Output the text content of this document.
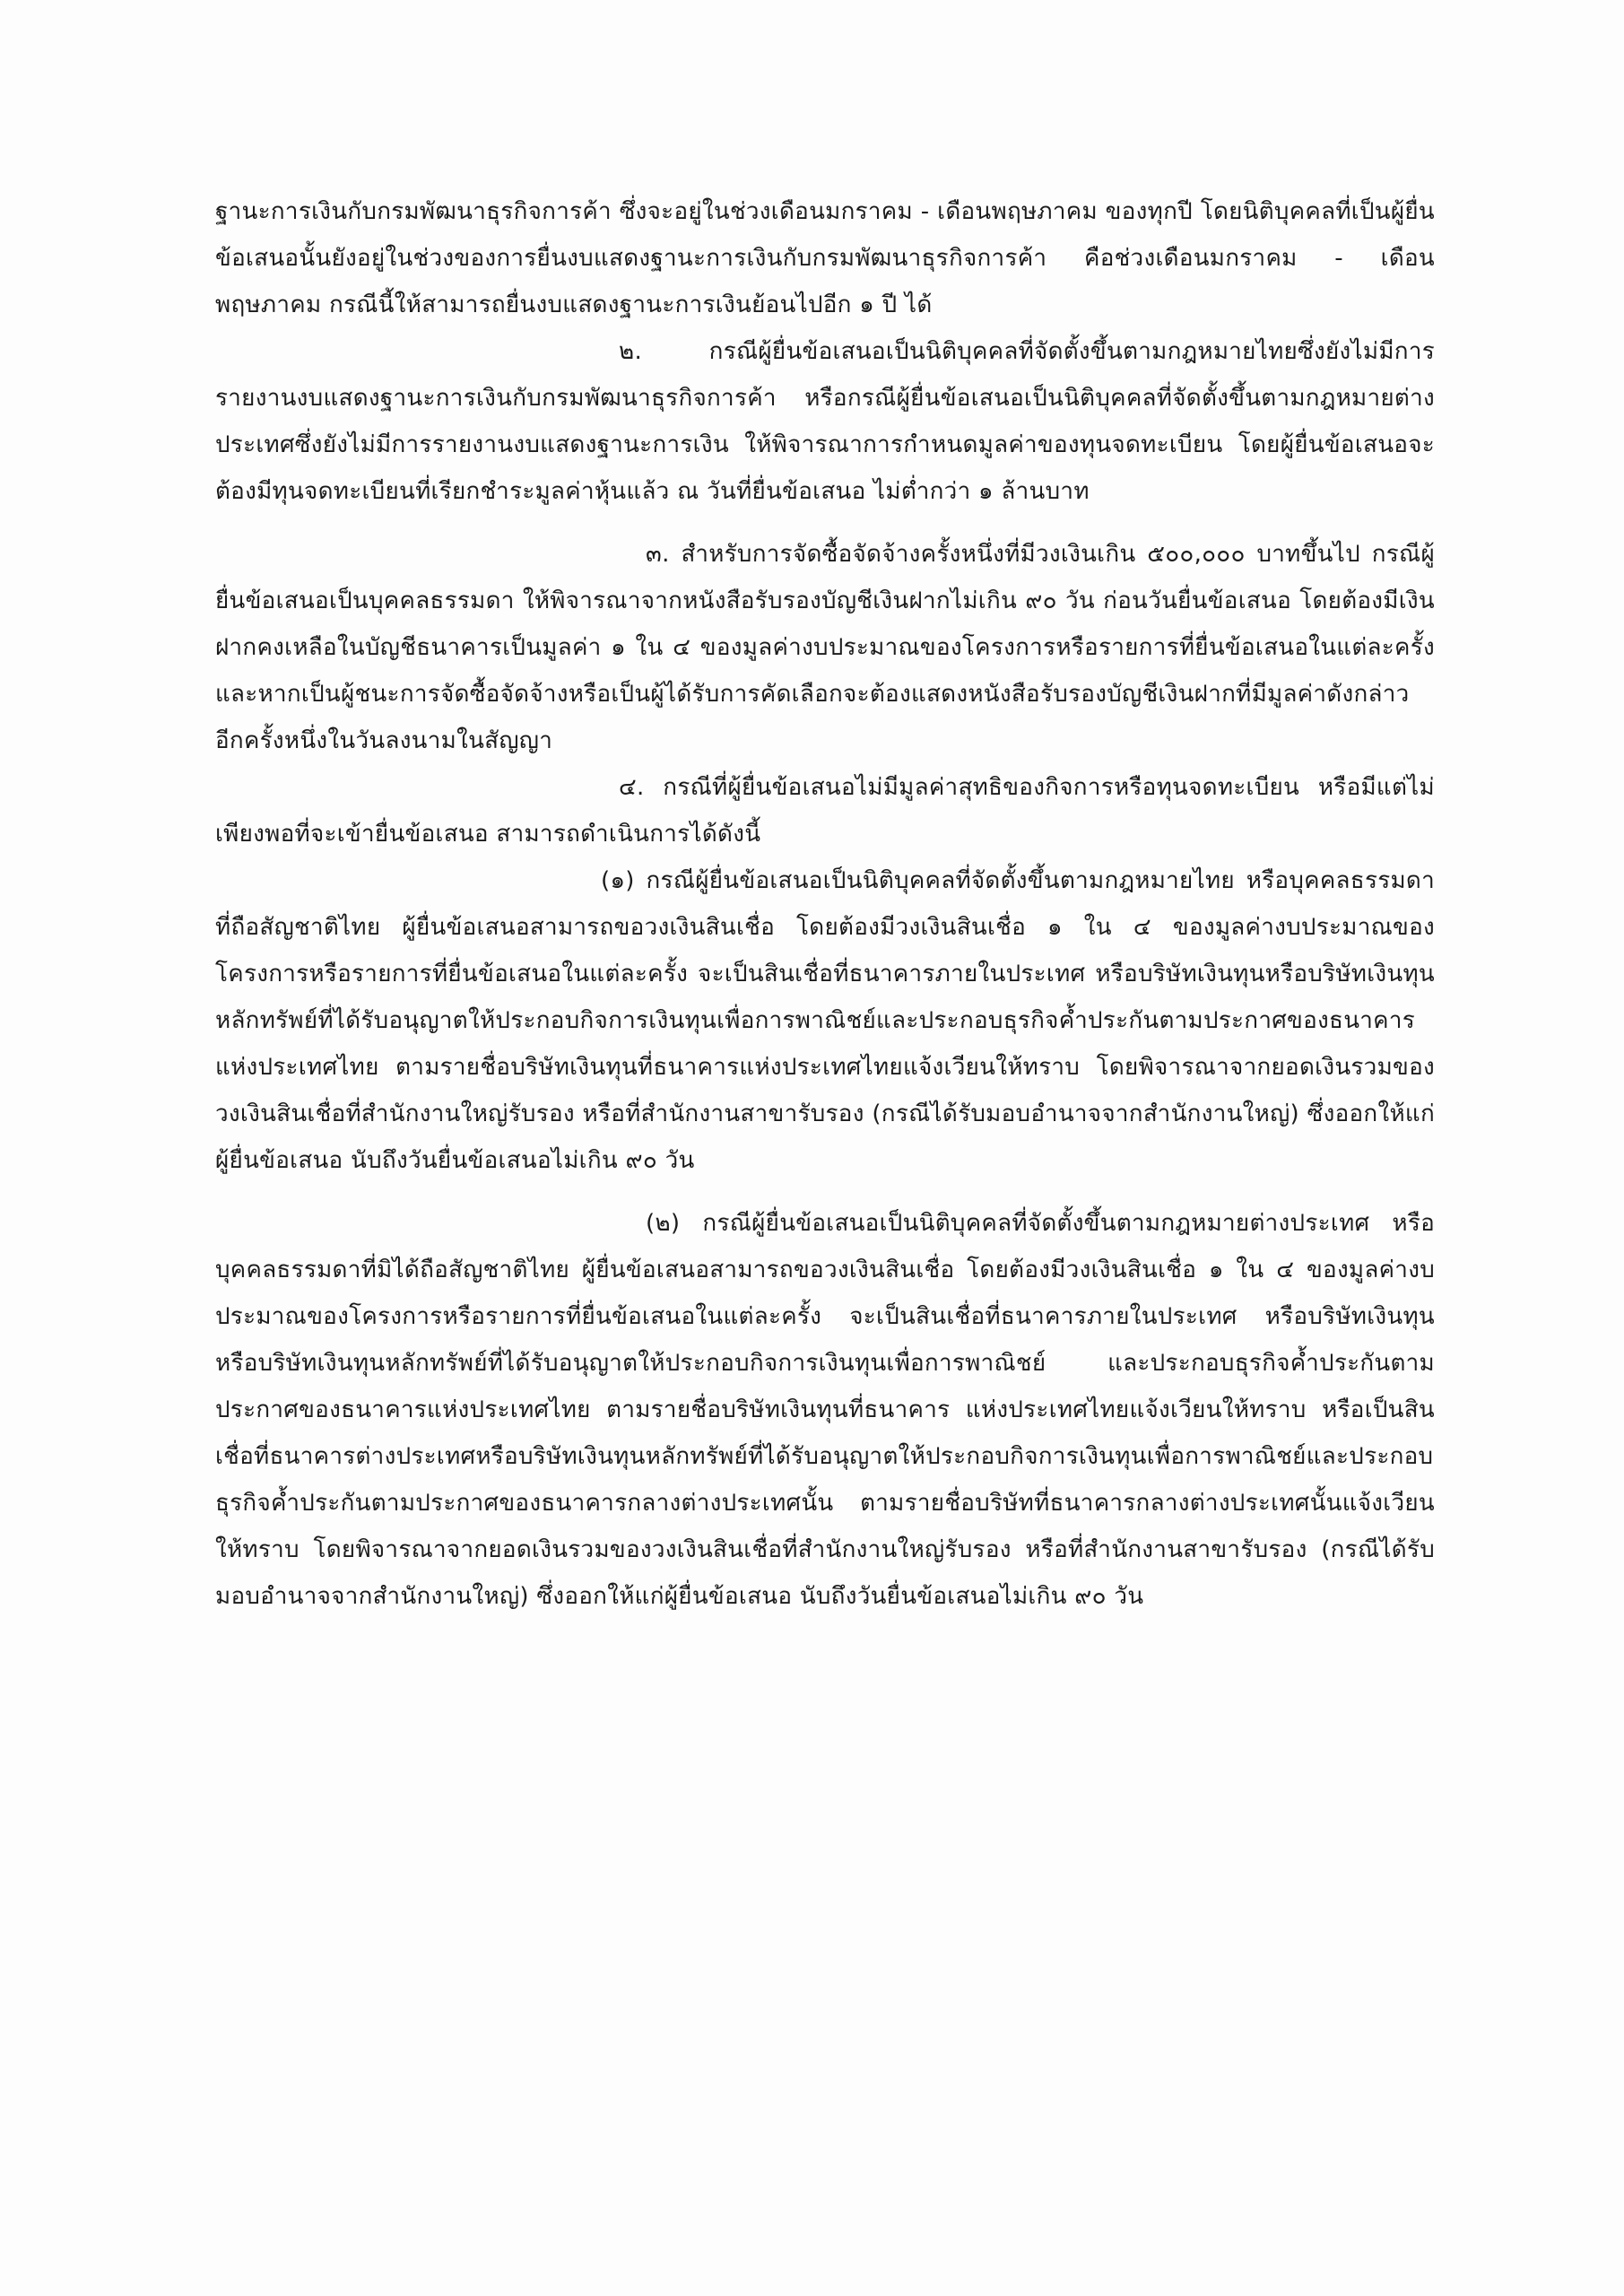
ฐานะการเงินกับกรมพัฒนาธุรกิจการค้า ซึ่งจะอยู่ในช่วงเดือนมกราคม - เดือนพฤษภาคม ของทุกปี โดยนิติบุคคลที่เป็นผู้ยื่นข้อเสนอนั้นยังอยู่ในช่วงของการยื่นงบแสดงฐานะการเงินกับกรมพัฒนาธุรกิจการค้า คือช่วงเดือนมกราคม - เดือนพฤษภาคม กรณีนี้ให้สามารถยื่นงบแสดงฐานะการเงินย้อนไปอีก ๑ ปี ได้

๒. กรณีผู้ยื่นข้อเสนอเป็นนิติบุคคลที่จัดตั้งขึ้นตามกฎหมายไทยซึ่งยังไม่มีการรายงานงบแสดงฐานะการเงินกับกรมพัฒนาธุรกิจการค้า หรือกรณีผู้ยื่นข้อเสนอเป็นนิติบุคคลที่จัดตั้งขึ้นตามกฎหมายต่างประเทศซึ่งยังไม่มีการรายงานงบแสดงฐานะการเงิน ให้พิจารณาการกำหนดมูลค่าของทุนจดทะเบียน โดยผู้ยื่นข้อเสนอจะต้องมีทุนจดทะเบียนที่เรียกชำระมูลค่าหุ้นแล้ว ณ วันที่ยื่นข้อเสนอ ไม่ต่ำกว่า ๑ ล้านบาท

๓. สำหรับการจัดซื้อจัดจ้างครั้งหนึ่งที่มีวงเงินเกิน ๕๐๐,๐๐๐ บาทขึ้นไป กรณีผู้ยื่นข้อเสนอเป็นบุคคลธรรมดา ให้พิจารณาจากหนังสือรับรองบัญชีเงินฝากไม่เกิน ๙๐ วัน ก่อนวันยื่นข้อเสนอ โดยต้องมีเงินฝากคงเหลือในบัญชีธนาคารเป็นมูลค่า ๑ ใน ๔ ของมูลค่างบประมาณของโครงการหรือรายการที่ยื่นข้อเสนอในแต่ละครั้ง และหากเป็นผู้ชนะการจัดซื้อจัดจ้างหรือเป็นผู้ได้รับการคัดเลือกจะต้องแสดงหนังสือรับรองบัญชีเงินฝากที่มีมูลค่าดังกล่าวอีกครั้งหนึ่งในวันลงนามในสัญญา

๔. กรณีที่ผู้ยื่นข้อเสนอไม่มีมูลค่าสุทธิของกิจการหรือทุนจดทะเบียน หรือมีแต่ไม่เพียงพอที่จะเข้ายื่นข้อเสนอ สามารถดำเนินการได้ดังนี้

(๑) กรณีผู้ยื่นข้อเสนอเป็นนิติบุคคลที่จัดตั้งขึ้นตามกฎหมายไทย หรือบุคคลธรรมดาที่ถือสัญชาติไทย ผู้ยื่นข้อเสนอสามารถขอวงเงินสินเชื่อ โดยต้องมีวงเงินสินเชื่อ ๑ ใน ๔ ของมูลค่างบประมาณของโครงการหรือรายการที่ยื่นข้อเสนอในแต่ละครั้ง จะเป็นสินเชื่อที่ธนาคารภายในประเทศ หรือบริษัทเงินทุนหรือบริษัทเงินทุนหลักทรัพย์ที่ได้รับอนุญาตให้ประกอบกิจการเงินทุนเพื่อการพาณิชย์และประกอบธุรกิจค้ำประกันตามประกาศของธนาคารแห่งประเทศไทย ตามรายชื่อบริษัทเงินทุนที่ธนาคารแห่งประเทศไทยแจ้งเวียนให้ทราบ โดยพิจารณาจากยอดเงินรวมของวงเงินสินเชื่อที่สำนักงานใหญ่รับรอง หรือที่สำนักงานสาขารับรอง (กรณีได้รับมอบอำนาจจากสำนักงานใหญ่) ซึ่งออกให้แก่ผู้ยื่นข้อเสนอ นับถึงวันยื่นข้อเสนอไม่เกิน ๙๐ วัน

(๒) กรณีผู้ยื่นข้อเสนอเป็นนิติบุคคลที่จัดตั้งขึ้นตามกฎหมายต่างประเทศ หรือบุคคลธรรมดาที่มิได้ถือสัญชาติไทย ผู้ยื่นข้อเสนอสามารถขอวงเงินสินเชื่อ โดยต้องมีวงเงินสินเชื่อ ๑ ใน ๔ ของมูลค่างบประมาณของโครงการหรือรายการที่ยื่นข้อเสนอในแต่ละครั้ง จะเป็นสินเชื่อที่ธนาคารภายในประเทศ หรือบริษัทเงินทุนหรือบริษัทเงินทุนหลักทรัพย์ที่ได้รับอนุญาตให้ประกอบกิจการเงินทุนเพื่อการพาณิชย์ และประกอบธุรกิจค้ำประกันตามประกาศของธนาคารแห่งประเทศไทย ตามรายชื่อบริษัทเงินทุนที่ธนาคาร แห่งประเทศไทยแจ้งเวียนให้ทราบ หรือเป็นสินเชื่อที่ธนาคารต่างประเทศหรือบริษัทเงินทุนหลักทรัพย์ที่ได้รับอนุญาตให้ประกอบกิจการเงินทุนเพื่อการพาณิชย์และประกอบธุรกิจค้ำประกันตามประกาศของธนาคารกลางต่างประเทศนั้น ตามรายชื่อบริษัทที่ธนาคารกลางต่างประเทศนั้นแจ้งเวียนให้ทราบ โดยพิจารณาจากยอดเงินรวมของวงเงินสินเชื่อที่สำนักงานใหญ่รับรอง หรือที่สำนักงานสาขารับรอง (กรณีได้รับมอบอำนาจจากสำนักงานใหญ่) ซึ่งออกให้แก่ผู้ยื่นข้อเสนอ นับถึงวันยื่นข้อเสนอไม่เกิน ๙๐ วัน
